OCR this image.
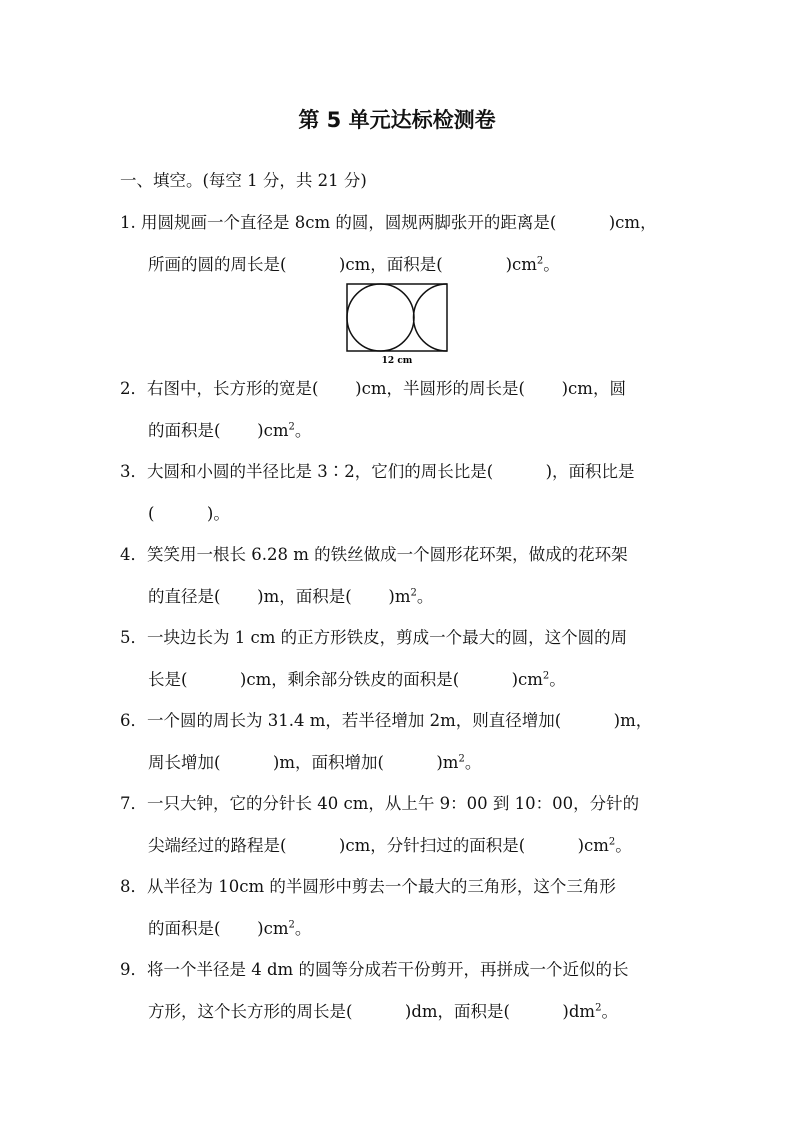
第 5 单元达标检测卷
一、填空。(每空 1 分，共 21 分)
1. 用圆规画一个直径是 8cm 的圆，圆规两脚张开的距离是(          )cm，
所画的圆的周长是(          )cm，面积是(            )$cm^2$。
12 cm
2．右图中，长方形的宽是(       )cm，半圆形的周长是(       )cm，圆
的面积是(       )$cm^2$。
3．大圆和小圆的半径比是 3∶2，它们的周长比是(          )，面积比是
(          )。
4．笑笑用一根长 6.28 m 的铁丝做成一个圆形花环架，做成的花环架
的直径是(       )m，面积是(       )$m^2$。
5．一块边长为 1 cm 的正方形铁皮，剪成一个最大的圆，这个圆的周
长是(          )cm，剩余部分铁皮的面积是(          )$cm^2$。
6．一个圆的周长为 31.4 m，若半径增加 2m，则直径增加(          )m，
周长增加(          )m，面积增加(          )$m^2$。
7．一只大钟，它的分针长 40 cm，从上午 9：00 到 10：00，分针的
尖端经过的路程是(          )cm，分针扫过的面积是(          )$cm^2$。
8．从半径为 10cm 的半圆形中剪去一个最大的三角形，这个三角形
的面积是(       )$cm^2$。
9．将一个半径是 4 dm 的圆等分成若干份剪开，再拼成一个近似的长
方形，这个长方形的周长是(          )dm，面积是(          )$dm^2$。
